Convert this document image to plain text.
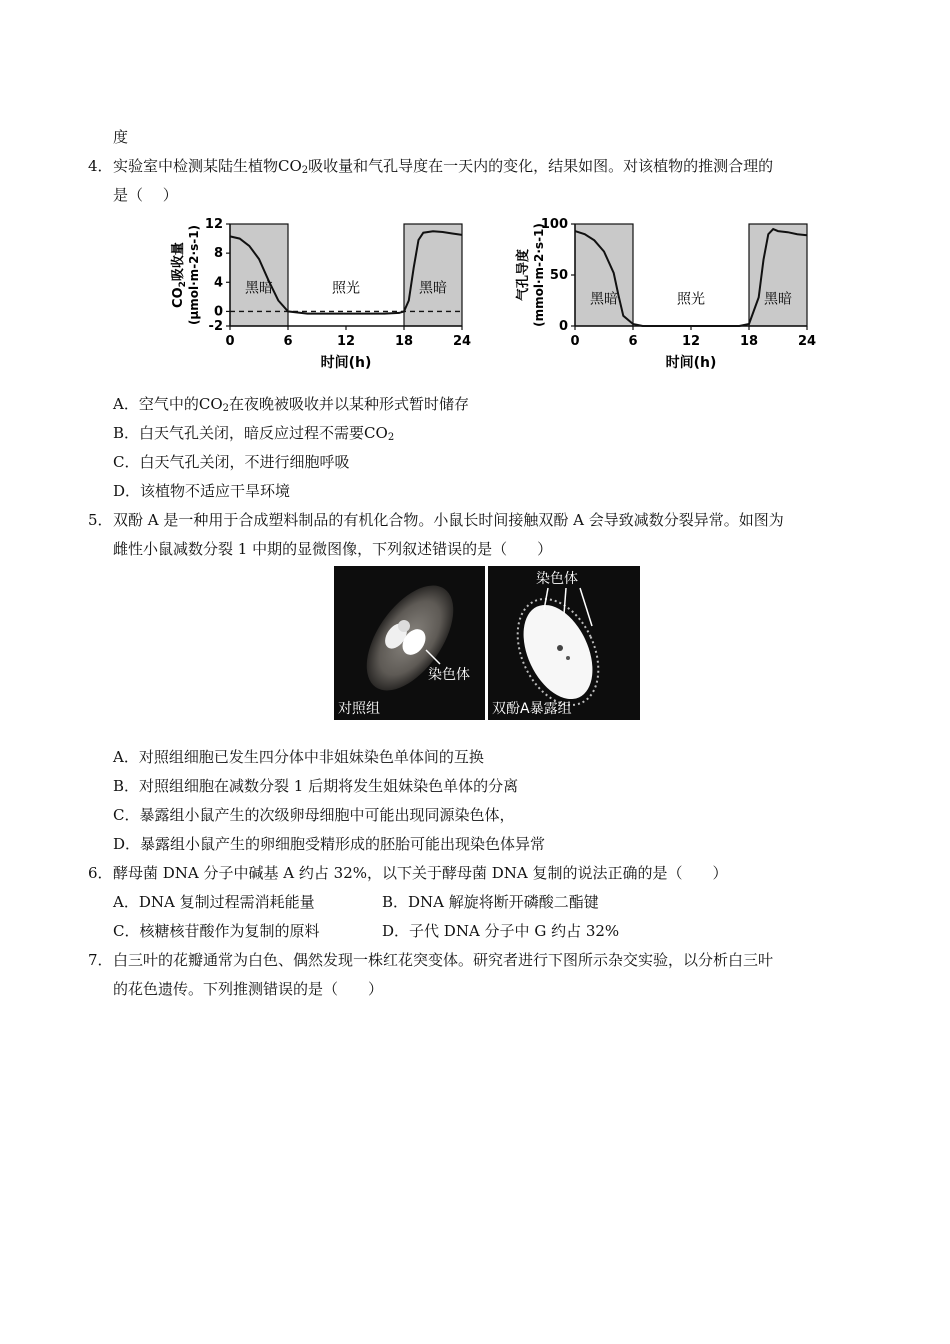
度
4． 实验室中检测某陆生植物$CO_2$吸收量和气孔导度在一天内的变化，结果如图。对该植物的推测合理的
是（　 ）
黑暗	照光	黑暗
12
8
4
0
-2
0	6	12	18	24
时间(h)
$CO_2$吸收量 (μmol·m-2·s-1)	黑暗	照光	黑暗
100
50
0
0	6	12	18	24
时间(h)
气孔导度 (mmol·m-2·s-1)
A．空气中的$CO_2$在夜晚被吸收并以某种形式暂时储存
B．白天气孔关闭，暗反应过程不需要$CO_2$
C．白天气孔关闭，不进行细胞呼吸
D．该植物不适应干旱环境
5． 双酚 A 是一种用于合成塑料制品的有机化合物。小鼠长时间接触双酚 A 会导致减数分裂异常。如图为
雌性小鼠减数分裂 1 中期的显微图像，下列叙述错误的是（　　）
染色体
对照组
染色体
双酚A暴露组
A．对照组细胞已发生四分体中非姐妹染色单体间的互换
B．对照组细胞在减数分裂 1 后期将发生姐妹染色单体的分离
C．暴露组小鼠产生的次级卵母细胞中可能出现同源染色体，
D．暴露组小鼠产生的卵细胞受精形成的胚胎可能出现染色体异常
6． 酵母菌 DNA 分子中碱基 A 约占 32%，以下关于酵母菌 DNA 复制的说法正确的是（　　）
A．DNA 复制过程需消耗能量	B．DNA 解旋将断开磷酸二酯键
C．核糖核苷酸作为复制的原料	D．子代 DNA 分子中 G 约占 32%
7． 白三叶的花瓣通常为白色、偶然发现一株红花突变体。研究者进行下图所示杂交实验，以分析白三叶
的花色遗传。下列推测错误的是（　　）
